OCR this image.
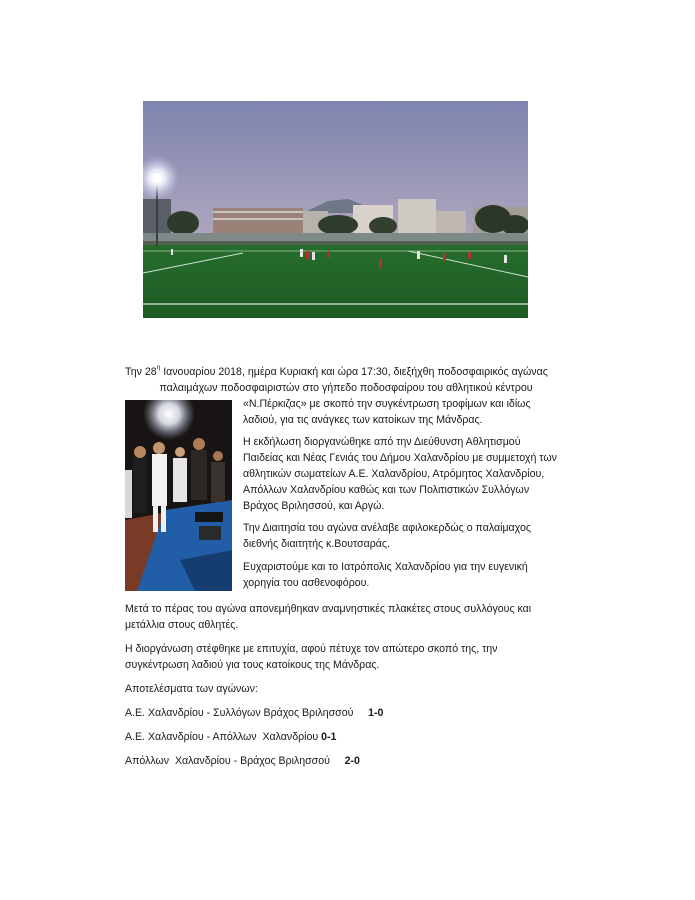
Την $28^\eta$ Ιανουαρίου 2018, ημέρα Κυριακή και ώρα 17:30, διεξήχθη ποδοσφαιρικός αγώνας

παλαιμάχων ποδοσφαιριστών στο γήπεδο ποδοσφαίρου του αθλητικού κέντρου

«Ν.Πέρκιζας» με σκοπό την συγκέντρωση τροφίμων και ιδίως

λαδιού, για τις ανάγκες των κατοίκων της Μάνδρας.

Η εκδήλωση διοργανώθηκε από την Διεύθυνση Αθλητισμού

Παιδείας και Νέας Γενιάς του Δήμου Χαλανδρίου με συμμετοχή των

αθλητικών σωματείων Α.Ε. Χαλανδρίου, Ατρόμητος Χαλανδρίου,

Απόλλων Χαλανδρίου καθώς και των Πολιτιστικών Συλλόγων

Βράχος Βριλησσού, και Αργώ.

Την Διαιτησία του αγώνα ανέλαβε αφιλοκερδώς ο παλαίμαχος

διεθνής διαιτητής κ.Βουτσαράς.

Ευχαριστούμε και το Ιατρόπολις Χαλανδρίου για την ευγενική

χορηγία του ασθενοφόρου.

Μετά το πέρας του αγώνα απονεμήθηκαν αναμνηστικές πλακέτες στους συλλόγους και

μετάλλια στους αθλητές.

Η διοργάνωση στέφθηκε με επιτυχία, αφού πέτυχε τον απώτερο σκοπό της, την

συγκέντρωση λαδιού για τους κατοίκους της Μάνδρας.

Αποτελέσματα των αγώνων:

Α.Ε. Χαλανδρίου - Συλλόγων Βράχος Βριλησσού     1-0

Α.Ε. Χαλανδρίου - Απόλλων  Χαλανδρίου 0-1

Απόλλων  Χαλανδρίου - Βράχος Βριλησσού     2-0
